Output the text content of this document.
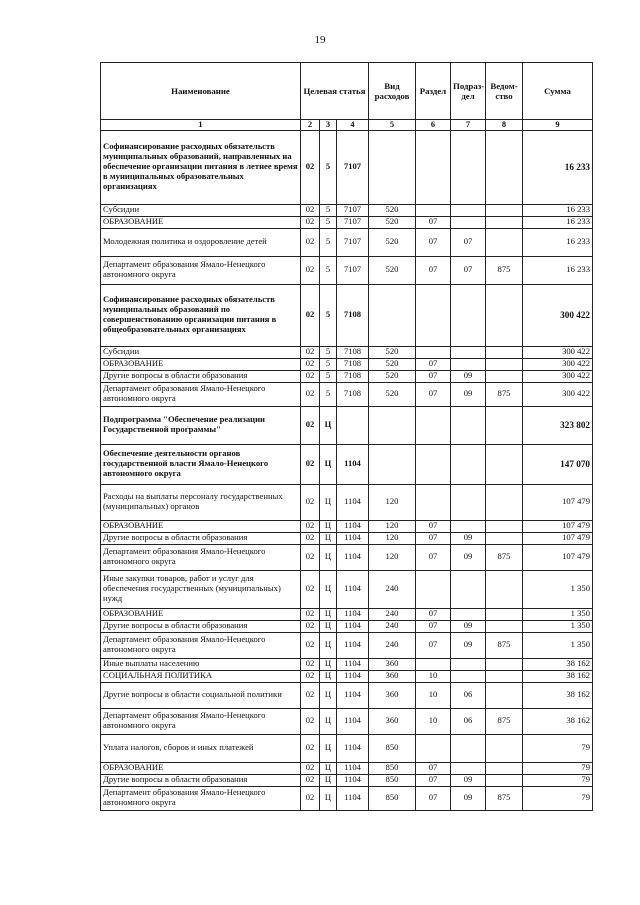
19
Наименование	Целевая статья			Вид расходов	Раздел	Подраз-дел	Ведом-ство	Сумма
1	2	3	4	5	6	7	8	9
Софинансирование расходных обязательств муниципальных образований, направленных на обеспечение организации питания в летнее время в муниципальных образовательных организациях	02	5	7107					16 233
Субсидии	02	5	7107	520				16 233
ОБРАЗОВАНИЕ	02	5	7107	520	07			16 233
Молодежная политика и оздоровление детей	02	5	7107	520	07	07		16 233
Департамент образования Ямало-Ненецкого автономного округа	02	5	7107	520	07	07	875	16 233
Софинансирование расходных обязательств муниципальных образований по совершенствованию организации питания в общеобразовательных организациях	02	5	7108					300 422
Субсидии	02	5	7108	520				300 422
ОБРАЗОВАНИЕ	02	5	7108	520	07			300 422
Другие вопросы в области образования	02	5	7108	520	07	09		300 422
Департамент образования Ямало-Ненецкого автономного округа	02	5	7108	520	07	09	875	300 422
Подпрограмма "Обеспечение реализации Государственной программы"	02	Ц						323 802
Обеспечение деятельности органов государственной власти Ямало-Ненецкого автономного округа	02	Ц	1104					147 070
Расходы на выплаты персоналу государственных (муниципальных) органов	02	Ц	1104	120				107 479
ОБРАЗОВАНИЕ	02	Ц	1104	120	07			107 479
Другие вопросы в области образования	02	Ц	1104	120	07	09		107 479
Департамент образования Ямало-Ненецкого автономного округа	02	Ц	1104	120	07	09	875	107 479
Иные закупки товаров, работ и услуг для обеспечения государственных (муниципальных) нужд	02	Ц	1104	240				1 350
ОБРАЗОВАНИЕ	02	Ц	1104	240	07			1 350
Другие вопросы в области образования	02	Ц	1104	240	07	09		1 350
Департамент образования Ямало-Ненецкого автономного округа	02	Ц	1104	240	07	09	875	1 350
Иные выплаты населению	02	Ц	1104	360				38 162
СОЦИАЛЬНАЯ ПОЛИТИКА	02	Ц	1104	360	10			38 162
Другие вопросы в области социальной политики	02	Ц	1104	360	10	06		38 162
Департамент образования Ямало-Ненецкого автономного округа	02	Ц	1104	360	10	06	875	38 162
Уплата налогов, сборов и иных платежей	02	Ц	1104	850				79
ОБРАЗОВАНИЕ	02	Ц	1104	850	07			79
Другие вопросы в области образования	02	Ц	1104	850	07	09		79
Департамент образования Ямало-Ненецкого автономного округа	02	Ц	1104	850	07	09	875	79
